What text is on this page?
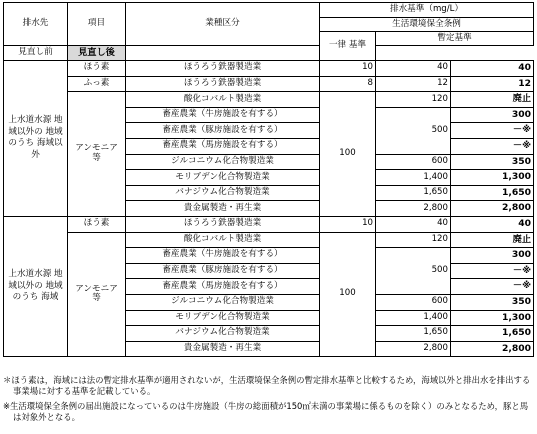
排水先	項目	業種区分	排水基準（mg/L）		
			生活環境保全条例		
			一律 基準	暫定基準	
見直し前	見直し後				
上水道水源 地域以外の 地域のうち 海域以外	ほう素	ほうろう鉄器製造業	10	40	40
	ふっ素	ほうろう鉄器製造業	8	12	12
	アンモニア 等	酸化コバルト製造業	100	120	廃止
		畜産農業（牛房施設を有する）		500	300
		畜産農業（豚房施設を有する）			－※
		畜産農業（馬房施設を有する）			－※
		ジルコニウム化合物製造業		600	350
		モリブデン化合物製造業		1,400	1,300
		バナジウム化合物製造業		1,650	1,650
		貴金属製造・再生業		2,800	2,800
上水道水源 地域以外の 地域のうち 海域	ほう素	ほうろう鉄器製造業	10	40	40
	アンモニア 等	酸化コバルト製造業	100	120	廃止
		畜産農業（牛房施設を有する）		500	300
		畜産農業（豚房施設を有する）			－※
		畜産農業（馬房施設を有する）			－※
		ジルコニウム化合物製造業		600	350
		モリブデン化合物製造業		1,400	1,300
		バナジウム化合物製造業		1,650	1,650
		貴金属製造・再生業		2,800	2,800

＊ほう素は，海域には法の暫定排水基準が適用されないが，生活環境保全条例の暫定排水基準と比較するため，海域以外と排出水を排出する事業場に対する基準を記載している。

※生活環境保全条例の届出施設になっているのは牛房施設（牛房の総面積が150㎡未満の事業場に係るものを除く）のみとなるため，豚と馬は対象外となる。
